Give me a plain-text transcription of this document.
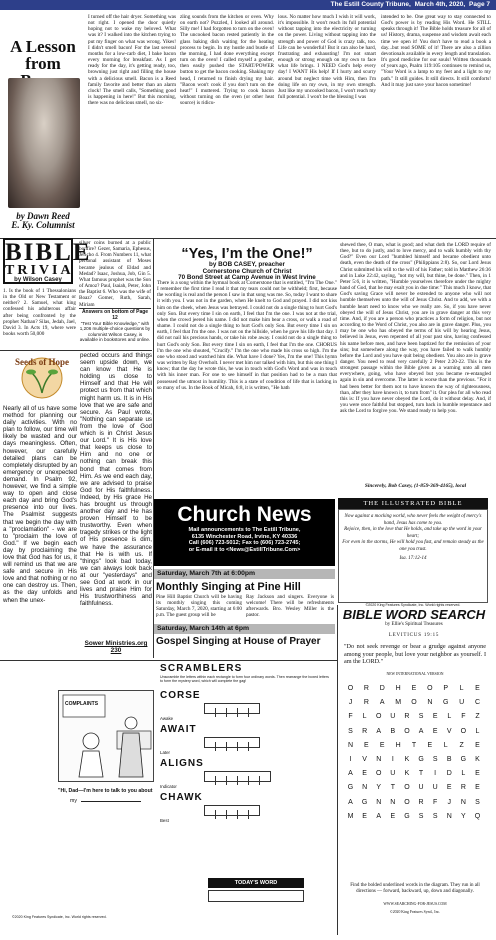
The Estill County Tribune, March 4th, 2020, Page 7
A Lesson
from
by Dawn Reed
E. Ky. Columnist
I turned off the hair dryer. Something was not right. I opened the door quietly hoping not to wake my beloved. What was it? I walked into the kitchen trying to put my finger on what was wrong. Yikes! I didn't smell bacon! For the last several months for a low-carb diet, I bake bacon every morning for breakfast. As I get ready for the day, it's getting ready, too, browning just right and filling the house with a delicious smell. Bacon is a Reed family favorite and better than an alarm clock! The smell calls, "Something good is happening in here!" But this morning, there was no delicious smell, no siz-
zling sounds from the kitchen or oven. Why on earth not? Puzzled, I looked all around. Silly me! I had forgotten to turn on the oven! The uncooked bacon rested patiently in the glass baking dish waiting for the heating process to begin. In my hustle and bustle of the morning, I had done everything except turn on the oven! I called myself a goober, then easily pushed the START/POWER button to get the bacon cooking. Shaking my head, I returned to finish drying my hair. "Bacon won't cook if you don't turn on the heat!" I muttered. Trying to cook bacon without turning on the oven (or other heat source) is ridicu-
lous. No matter how much I wish it will work, it's impossible. It won't reach its full potential without tapping into the electricity or turning on the power. Living without tapping into the strength and power of God is crazy talk, too. Life can be wonderful! But it can also be hard, frustrating and exhausting! I'm not smart enough or strong enough on my own to face what life brings. I NEED God's help every day! I WANT His help! If I hurry and scurry around but neglect time with Him, then I'm doing life on my own, in my own strength. Just like my uncooked bacon, I won't reach my full potential. I won't be the blessing I was
intended to be. One great way to stay connected to God's power is by reading His Word. He STILL speaks through it! The Bible holds treasure for all of us! History, drama, suspense and wisdom await each time we open it! You don't have to read a book a day...but read SOME of it! There are also a zillion devotionals available in every length and translation. It's good medicine for our souls! Written thousands of years ago, Psalm 119:105 continues to remind us, "Your Word is a lamp to my feet and a light to my path." It still guides. It still directs. It still comforts! And it may just save your bacon sometime!
BIBLE
TRIVIA
by Wilson Casey
1. Is the book of 1 Thessalonians in the Old or New Testament or neither? 2. Samuel, what king confessed his adulterous affair after being confronted by the prophet Nathan? Silas, Jedah, Jael, David 3. In Acts 19, where were books worth 50,000
silver coins burned at a public bonfire? Gezer, Samaria, Ephesus, Jericho 4. From Numbers 11, what personal assistant of Moses became jealous of Eldad and Medad? Isaac, Joshua, Job, Gin 5. What famous prophet was the Son of Amoz? Paul, Isaiah, Peter, John the Baptist 6. Who was the wife of Boaz? Gomer, Ruth, Sarah, Miriam
Answers on bottom of Page 12
"Test Your Bible Knowledge," with 1,206 multiple-choice questions by columnist Wilson Casey, is available in bookstores and online.
Seeds of Hope
Nearly all of us have some method for planning our daily activities. With no plan to follow, our time will likely be wasted and our days meaningless. Often, however, our carefully detailed plans can be completely disrupted by an emergency or unexpected demand. In Psalm 92, however, we find a simple way to open and close each day and bring God's presence into our lives. The Psalmist suggests that we begin the day with a "proclamation" - we are to "proclaim the love of God." If we begin each day by proclaiming the love that God has for us, it will remind us that we are safe and secure in His love and that nothing or no one can destroy us. Then, as the day unfolds and when the unex-
pected occurs and things seem upside down, we can know that He is holding us close to Himself and that He will protect us from that which might harm us. It is in His love that we are safe and secure. As Paul wrote, "Nothing can separate us from the love of God which is in Christ Jesus our Lord." It is His love that keeps us close to Him and no one or nothing can break this bond that comes from Him. As we end each day, we are advised to praise God for His faithfulness. Indeed, by His grace He has brought us through another day and He has proven Himself to be trustworthy. Even when tragedy strikes or the light of His presence is dim, we have the assurance that He is with us. If "things" look bad today, we can always look back at our "yesterdays" and see God at work in our lives and praise Him for His trustworthiness and faithfulness.
Sower Ministries.org
230
“Yes, I’m the One!”
by BOB CASEY, preacher
Cornerstone Church of Christ
70 Bond Street at Camp Avenue in West Irvine
There is a song within the hymnal book at Cornerstone that is entitled, "I'm The One." I remember the first time I read it that my tears could not be withheld; first, because the wording is real and the person I saw in that song was me. So, today I want to share it with you. I was not in the garden, when He knelt to God and prayed. I did not kiss him on the cheek, when Jesus was betrayed. I could not do a single thing to hurt God's only Son. But every time I sin on earth, I feel that I'm the one. I was not at the trial, when the crowd jeered his name. I did not make him bear a cross, or walk a road of shame. I could not do a single thing to hurt God's only Son. But every time I sin on earth, I feel that I'm the one. I was not on the hillside, when he gave his life that day. I did not nail his precious hands, or take his robe away. I could not do a single thing to hurt God's only Son. But every time I sin on earth, I feel that I'm the one. CHORUS I'm the one who shouted, "Crucify." I'm the one who made his cross so high. I'm the one who stood and watched him die. What have I done? Yes, I'm the one! This hymn was written by Ray Overholt. I never met him nor talked with him, but this one thing I know; that the day he wrote this, he was in touch with God's Word and was in touch with his inner man. For one to see himself in that position had to be a man that possessed the utmost in humility. This is a state of condition of life that is lacking in so many of us. In the Book of Micah, 6:8, it is written, "He hath
shewed thee, O man, what is good; and what doth the LORD require of thee, but to do justly, and to love mercy, and to walk humbly with thy God?" Even our Lord "humbled himself and became obedient unto death, even the death of the cross" (Philippians 2:8). So, our Lord Jesus Christ submitted his will to the will of his Father; told in Matthew 26:36 and in Luke 22:42, saying, "not my will, but thine, be done." Then, in 1 Peter 5:6, it is written, "Humble yourselves therefore under the mighty hand of God, that he may exalt you in due time:" This much I know, that God's saving Grace will never be extended to anyone who will not humble themselves unto the will of Jesus Christ. And to add, we with a humble heart need to know who we really are. So, if you have never obeyed the will of Jesus Christ, you are in grave danger at this very time. And, if you are a person who practices a form of religion, but not according to the Word of Christ, you also are in grave danger. Plus, you may be one who has obeyed the terms of his will by hearing Jesus, believed in Jesus, even repented of all your past sins, having confessed his name before men, and have been baptized for the remission of your sins; but somewhere along the way, you have failed to walk humbly before the Lord and you have quit being obedient. You also are in grave danger. You need to read very carefully 2 Peter 2:20-22. This is the strongest passage within the Bible given as a warning unto all men everywhere, going, who have obeyed but you became re-entangled again in sin and overcome. The latter is worse than the previous. "For it had been better for them not to have known the way of righteousness, than, after they have known it, to turn from" it. Our plea for all who read this is: If you have never obeyed the Lord, do it without delay. And, if you were once faithful but stopped, turn back in humble repentance and ask the Lord to forgive you. We stand ready to help you.
Sincerely, Bob Casey, (1-859-369-4165), local
Church News
Mail announcements to The Estill Tribune,
6135 Winchester Road, Irvine, KY 40336
Call (606) 723-5012; Fax to (606) 723-2745;
or E-mail it to <News@EstillTribune.Com>
Saturday, March 7th at 6:00pm
Monthly Singing at Pine Hill
Pine Hill Baptist Church will be having its monthly singing this coming Saturday, March 7, 2020, starting at 6:00 p.m. The guest group will be
Ray Jackson and singers. Everyone is welcome! There will be refreshments afterwards. Bro. Wesley Miller is the pastor.
Saturday, March 14th at 6pm
Gospel Singing at House of Prayer
THE ILLUSTRATED BIBLE
Now against a mocking world, who never feels the weight of mercy's hand, Jesus has come to you.
Rejoice, then, in the love that He holds, and take up the word in your heart;
For even in the storms, He will hold you fast, and remain steady as the one you trust.
Isa. 17:12-14
©2020 King Features Syndicate, Inc. World rights reserved.
BIBLE WORD SEARCH
by Ellie's Spiritual Treasures
LEVITICUS 19:15
"Do not seek revenge or bear a grudge against anyone among your people, but love your neighbor as yourself. I am the LORD."
NEW INTERNATIONAL VERSION
O	R	D	H	E	O	P	L	E
J	R	A	M	O	N	G	U	C
F	L	O	U	R	S	E	L	F	Z
S	R	A	B	O	A	E	V	O	L
N	E	E	H	T	E	L	Z	E
I	V	N	I	K	G	S	B	G	K
A	E	O	U	K	T	I	D	L	E
G	N	Y	T	O	U	U	E	R	E
A	G	N	N	O	R	F	J	N	S
M	E	A	E	G	S	S	N	Y	Q
Find the bolded underlined words in the diagram. They run in all directions — forward, backward, up, down and diagonally.
WWW.SEARCHING-FOR-JESUS.COM
©2020 King Features Synd., Inc.
SCRAMBLERS
Unscramble the letters within each rectangle to form four ordinary words. Then rearrange the boxed letters to form the mystery word, which will complete the gag!
COMPLAINTS
"Hi, Dad—I'm here to talk to you about
my
CORSE
Awake
AWAIT
Later
ALIGNS
Indicator
CHAWK
Best
TODAY'S WORD
©2020 King Features Syndicate, Inc. World rights reserved.
